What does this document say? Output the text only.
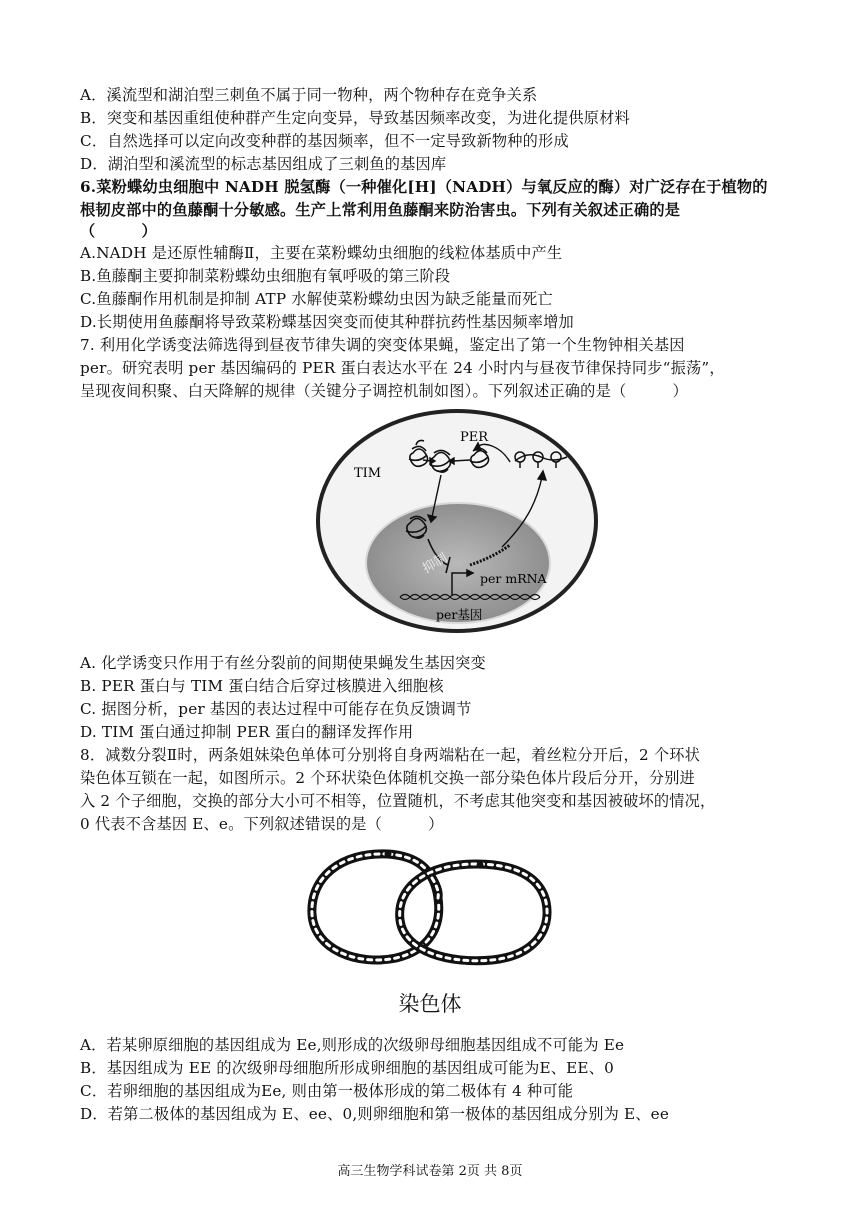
A．溪流型和湖泊型三刺鱼不属于同一物种，两个物种存在竞争关系
B．突变和基因重组使种群产生定向变异，导致基因频率改变，为进化提供原材料
C．自然选择可以定向改变种群的基因频率，但不一定导致新物种的形成
D．湖泊型和溪流型的标志基因组成了三刺鱼的基因库
6.菜粉蝶幼虫细胞中 NADH 脱氢酶（一种催化[H]（NADH）与氧反应的酶）对广泛存在于植物的
根韧皮部中的鱼藤酮十分敏感。生产上常利用鱼藤酮来防治害虫。下列有关叙述正确的是
（　　　）
A.NADH 是还原性辅酶Ⅱ，主要在菜粉蝶幼虫细胞的线粒体基质中产生
B.鱼藤酮主要抑制菜粉蝶幼虫细胞有氧呼吸的第三阶段
C.鱼藤酮作用机制是抑制 ATP 水解使菜粉蝶幼虫因为缺乏能量而死亡
D.长期使用鱼藤酮将导致菜粉蝶基因突变而使其种群抗药性基因频率增加
7. 利用化学诱变法筛选得到昼夜节律失调的突变体果蝇，鉴定出了第一个生物钟相关基因
per。研究表明 per 基因编码的 PER 蛋白表达水平在 24 小时内与昼夜节律保持同步“振荡”，
呈现夜间积聚、白天降解的规律（关键分子调控机制如图）。下列叙述正确的是（　　　）
PER
TIM
抑制
per mRNA
per基因
A. 化学诱变只作用于有丝分裂前的间期使果蝇发生基因突变
B. PER 蛋白与 TIM 蛋白结合后穿过核膜进入细胞核
C. 据图分析，per 基因的表达过程中可能存在负反馈调节
D. TIM 蛋白通过抑制 PER 蛋白的翻译发挥作用
8．减数分裂Ⅱ时，两条姐妹染色单体可分别将自身两端粘在一起，着丝粒分开后，2 个环状
染色体互锁在一起，如图所示。2 个环状染色体随机交换一部分染色体片段后分开，分别进
入 2 个子细胞，交换的部分大小可不相等，位置随机，不考虑其他突变和基因被破坏的情况，
0 代表不含基因 E、e。下列叙述错误的是（　　　）
染色体
A．若某卵原细胞的基因组成为 Ee,则形成的次级卵母细胞基因组成不可能为 Ee
B．基因组成为 EE 的次级卵母细胞所形成卵细胞的基因组成可能为E、EE、0
C．若卵细胞的基因组成为Ee, 则由第一极体形成的第二极体有 4 种可能
D．若第二极体的基因组成为 E、ee、0,则卵细胞和第一极体的基因组成分别为 E、ee
高三生物学科试卷第 2页 共 8页
